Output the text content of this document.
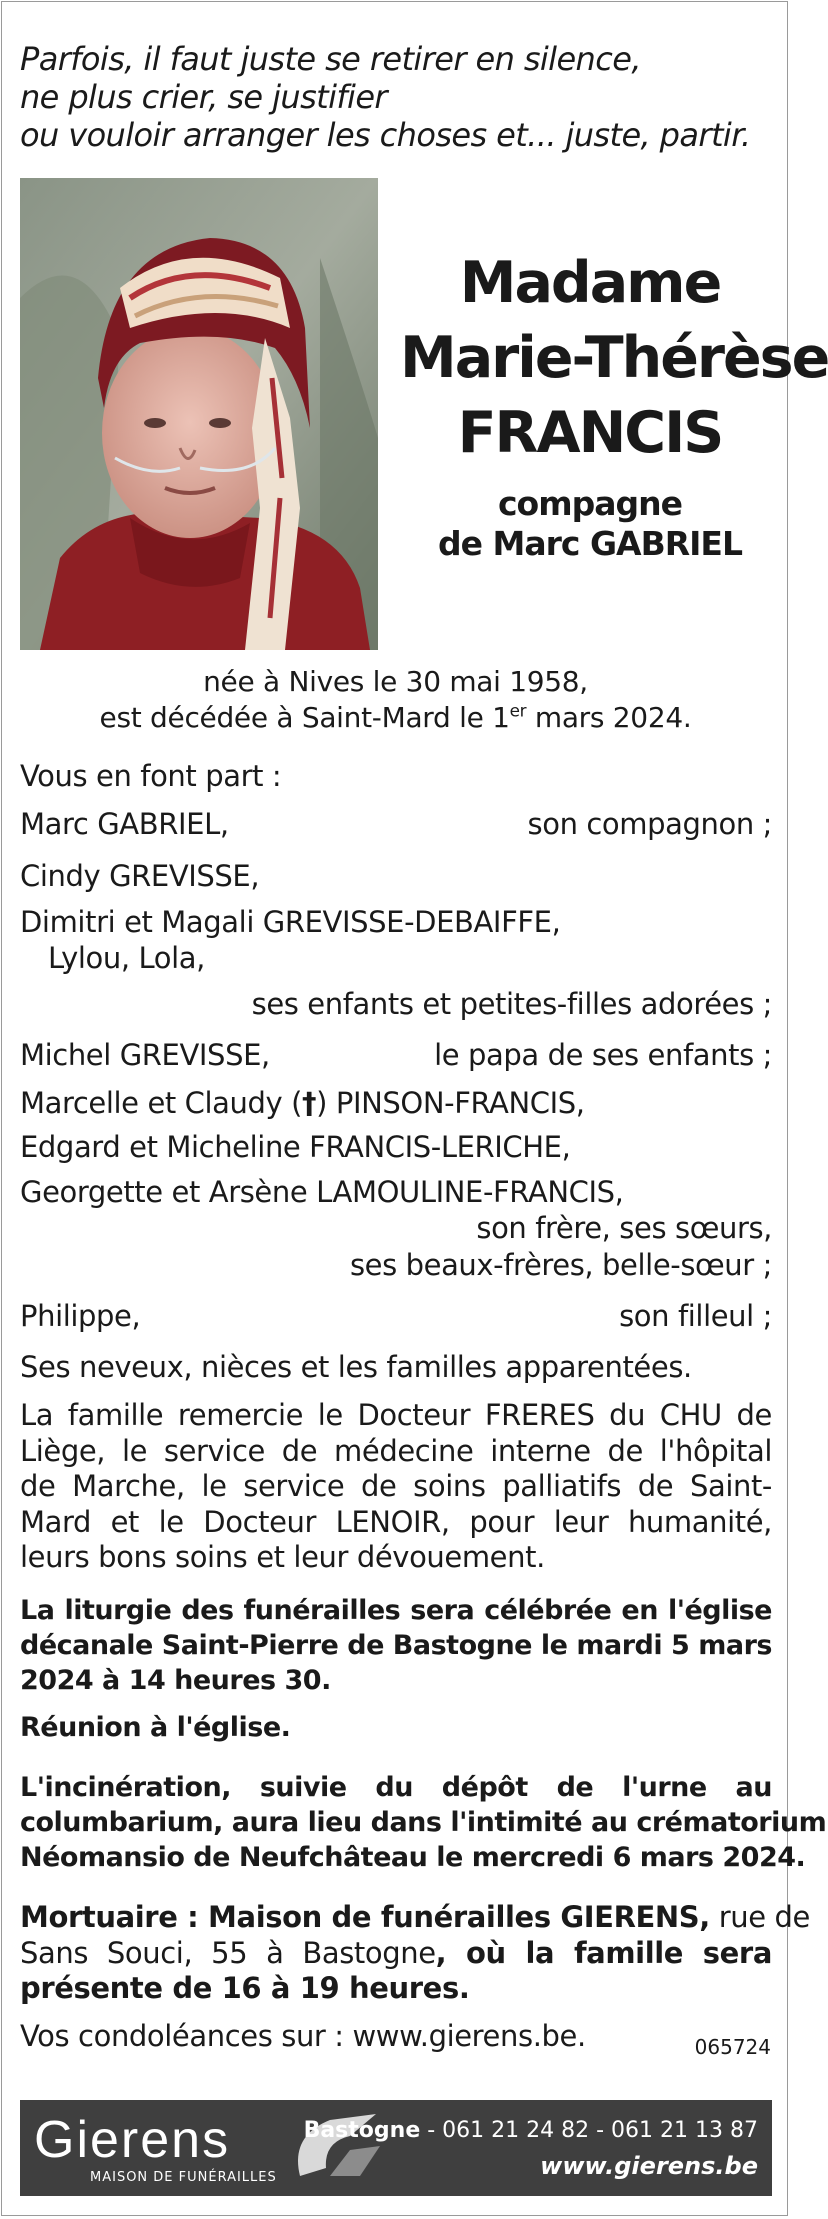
Parfois, il faut juste se retirer en silence,
ne plus crier, se justifier
ou vouloir arranger les choses et... juste, partir.
Madame
Marie-Thérèse
FRANCIS
compagne
de Marc GABRIEL
née à Nives le 30 mai 1958,
est décédée à Saint-Mard le 1er mars 2024.
Vous en font part :
Marc GABRIEL,	son compagnon ;
Cindy GREVISSE,
Dimitri et Magali GREVISSE-DEBAIFFE,
Lylou, Lola,
ses enfants et petites-filles adorées ;
Michel GREVISSE,	le papa de ses enfants ;
Marcelle et Claudy (†) PINSON-FRANCIS,
Edgard et Micheline FRANCIS-LERICHE,
Georgette et Arsène LAMOULINE-FRANCIS,
son frère, ses sœurs,
ses beaux-frères, belle-sœur ;
Philippe,	son filleul ;
Ses neveux, nièces et les familles apparentées.
La famille remercie le Docteur FRERES du CHU de
Liège, le service de médecine interne de l'hôpital
de Marche, le service de soins palliatifs de Saint-
Mard et le Docteur LENOIR, pour leur humanité,
leurs bons soins et leur dévouement.
La liturgie des funérailles sera célébrée en l'église
décanale Saint-Pierre de Bastogne le mardi 5 mars
2024 à 14 heures 30.
Réunion à l'église.
L'incinération, suivie du dépôt de l'urne au
columbarium, aura lieu dans l'intimité au crématorium
Néomansio de Neufchâteau le mercredi 6 mars 2024.
Mortuaire : Maison de funérailles GIERENS, rue de
Sans Souci, 55 à Bastogne, où la famille sera
présente de 16 à 19 heures.
Vos condoléances sur : www.gierens.be.	065724
Gierens
MAISON DE FUNÉRAILLES
Bastogne - 061 21 24 82 - 061 21 13 87
www.gierens.be
